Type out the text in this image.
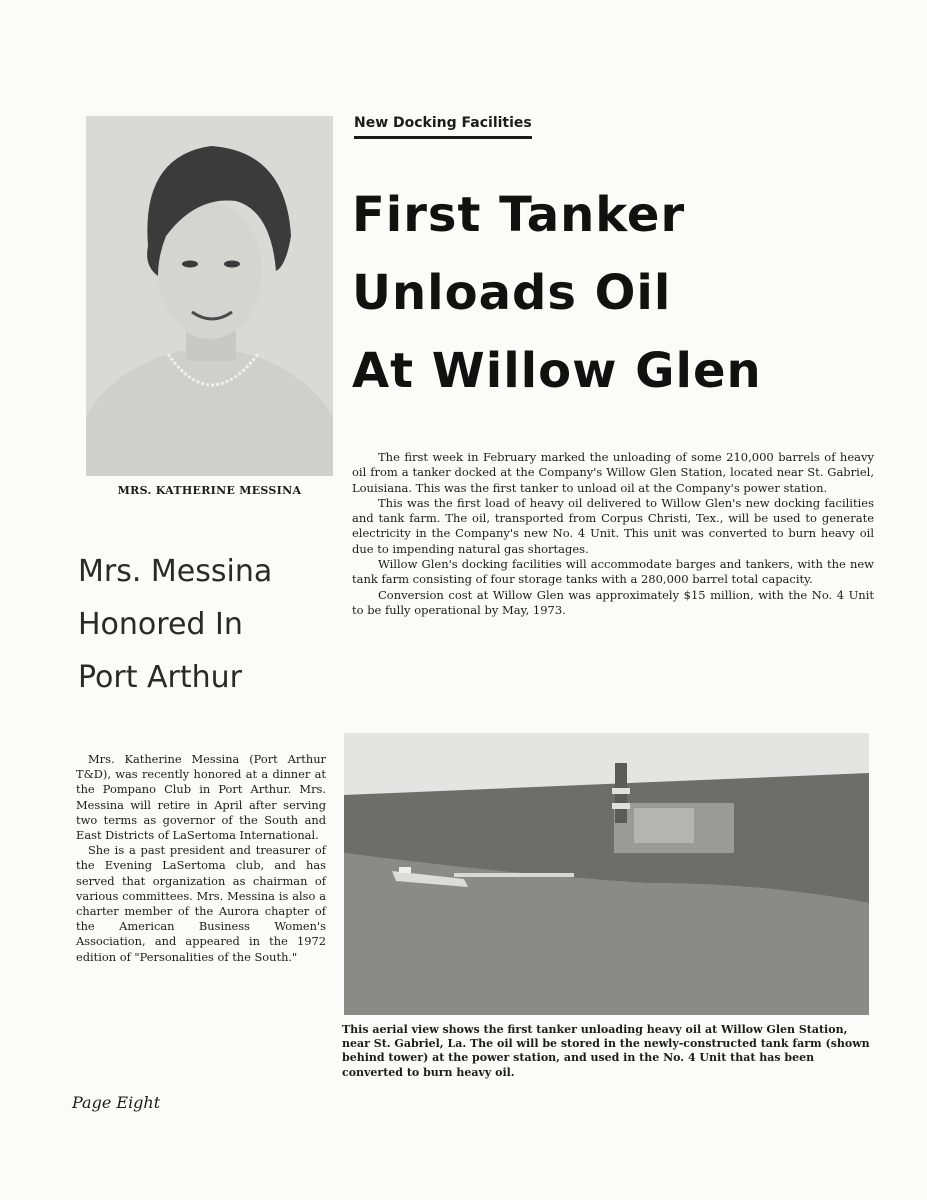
MRS. KATHERINE MESSINA
Mrs. Messina
Honored In
Port Arthur

Mrs. Katherine Messina (Port Arthur T&D), was recently honored at a dinner at the Pompano Club in Port Arthur. Mrs. Messina will retire in April after serving two terms as governor of the South and East Districts of LaSertoma International.

She is a past president and treasurer of the Evening LaSertoma club, and has served that organization as chairman of various committees. Mrs. Messina is also a charter member of the Aurora chapter of the American Business Women's Association, and appeared in the 1972 edition of "Personalities of the South."

New Docking Facilities
First Tanker
Unloads Oil
At Willow Glen

The first week in February marked the unloading of some 210,000 barrels of heavy oil from a tanker docked at the Company's Willow Glen Station, located near St. Gabriel, Louisiana. This was the first tanker to unload oil at the Company's power station.

This was the first load of heavy oil delivered to Willow Glen's new docking facilities and tank farm. The oil, transported from Corpus Christi, Tex., will be used to generate electricity in the Company's new No. 4 Unit. This unit was converted to burn heavy oil due to impending natural gas shortages.

Willow Glen's docking facilities will accommodate barges and tankers, with the new tank farm consisting of four storage tanks with a 280,000 barrel total capacity.

Conversion cost at Willow Glen was approximately $15 million, with the No. 4 Unit to be fully operational by May, 1973.

This aerial view shows the first tanker unloading heavy oil at Willow Glen Station, near St. Gabriel, La. The oil will be stored in the newly-constructed tank farm (shown behind tower) at the power station, and used in the No. 4 Unit that has been converted to burn heavy oil.
Page Eight
